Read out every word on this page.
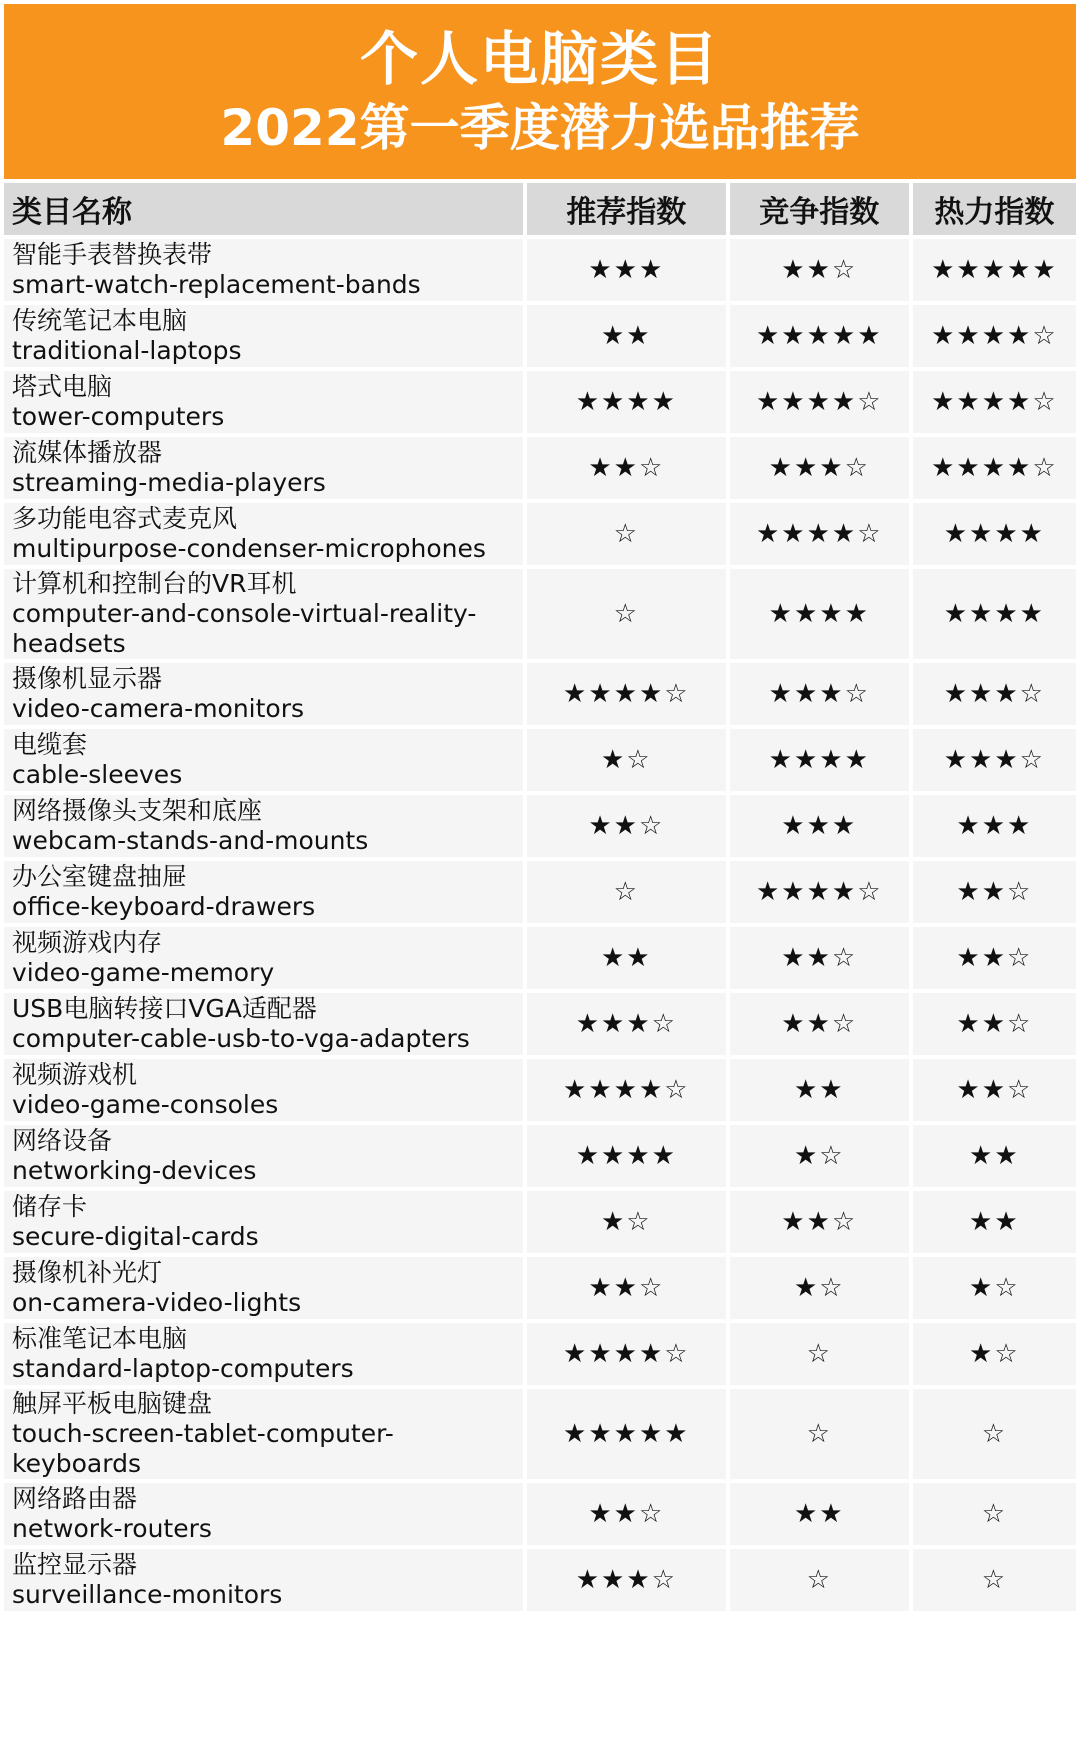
个人电脑类目
2022第一季度潜力选品推荐
类目名称	推荐指数	竞争指数	热力指数

智能手表替换表带
smart-watch-replacement-bands	★★★	★★☆	★★★★★

传统笔记本电脑
traditional-laptops	★★	★★★★★	★★★★☆

塔式电脑
tower-computers	★★★★	★★★★☆	★★★★☆

流媒体播放器
streaming-media-players	★★☆	★★★☆	★★★★☆

多功能电容式麦克风
multipurpose-condenser-microphones	☆	★★★★☆	★★★★

计算机和控制台的VR耳机
computer-and-console-virtual-reality-headsets	☆	★★★★	★★★★

摄像机显示器
video-camera-monitors	★★★★☆	★★★☆	★★★☆

电缆套
cable-sleeves	★☆	★★★★	★★★☆

网络摄像头支架和底座
webcam-stands-and-mounts	★★☆	★★★	★★★

办公室键盘抽屉
office-keyboard-drawers	☆	★★★★☆	★★☆

视频游戏内存
video-game-memory	★★	★★☆	★★☆

USB电脑转接口VGA适配器
computer-cable-usb-to-vga-adapters	★★★☆	★★☆	★★☆

视频游戏机
video-game-consoles	★★★★☆	★★	★★☆

网络设备
networking-devices	★★★★	★☆	★★

储存卡
secure-digital-cards	★☆	★★☆	★★

摄像机补光灯
on-camera-video-lights	★★☆	★☆	★☆

标准笔记本电脑
standard-laptop-computers	★★★★☆	☆	★☆

触屏平板电脑键盘
touch-screen-tablet-computer-keyboards	★★★★★	☆	☆

网络路由器
network-routers	★★☆	★★	☆

监控显示器
surveillance-monitors	★★★☆	☆	☆
